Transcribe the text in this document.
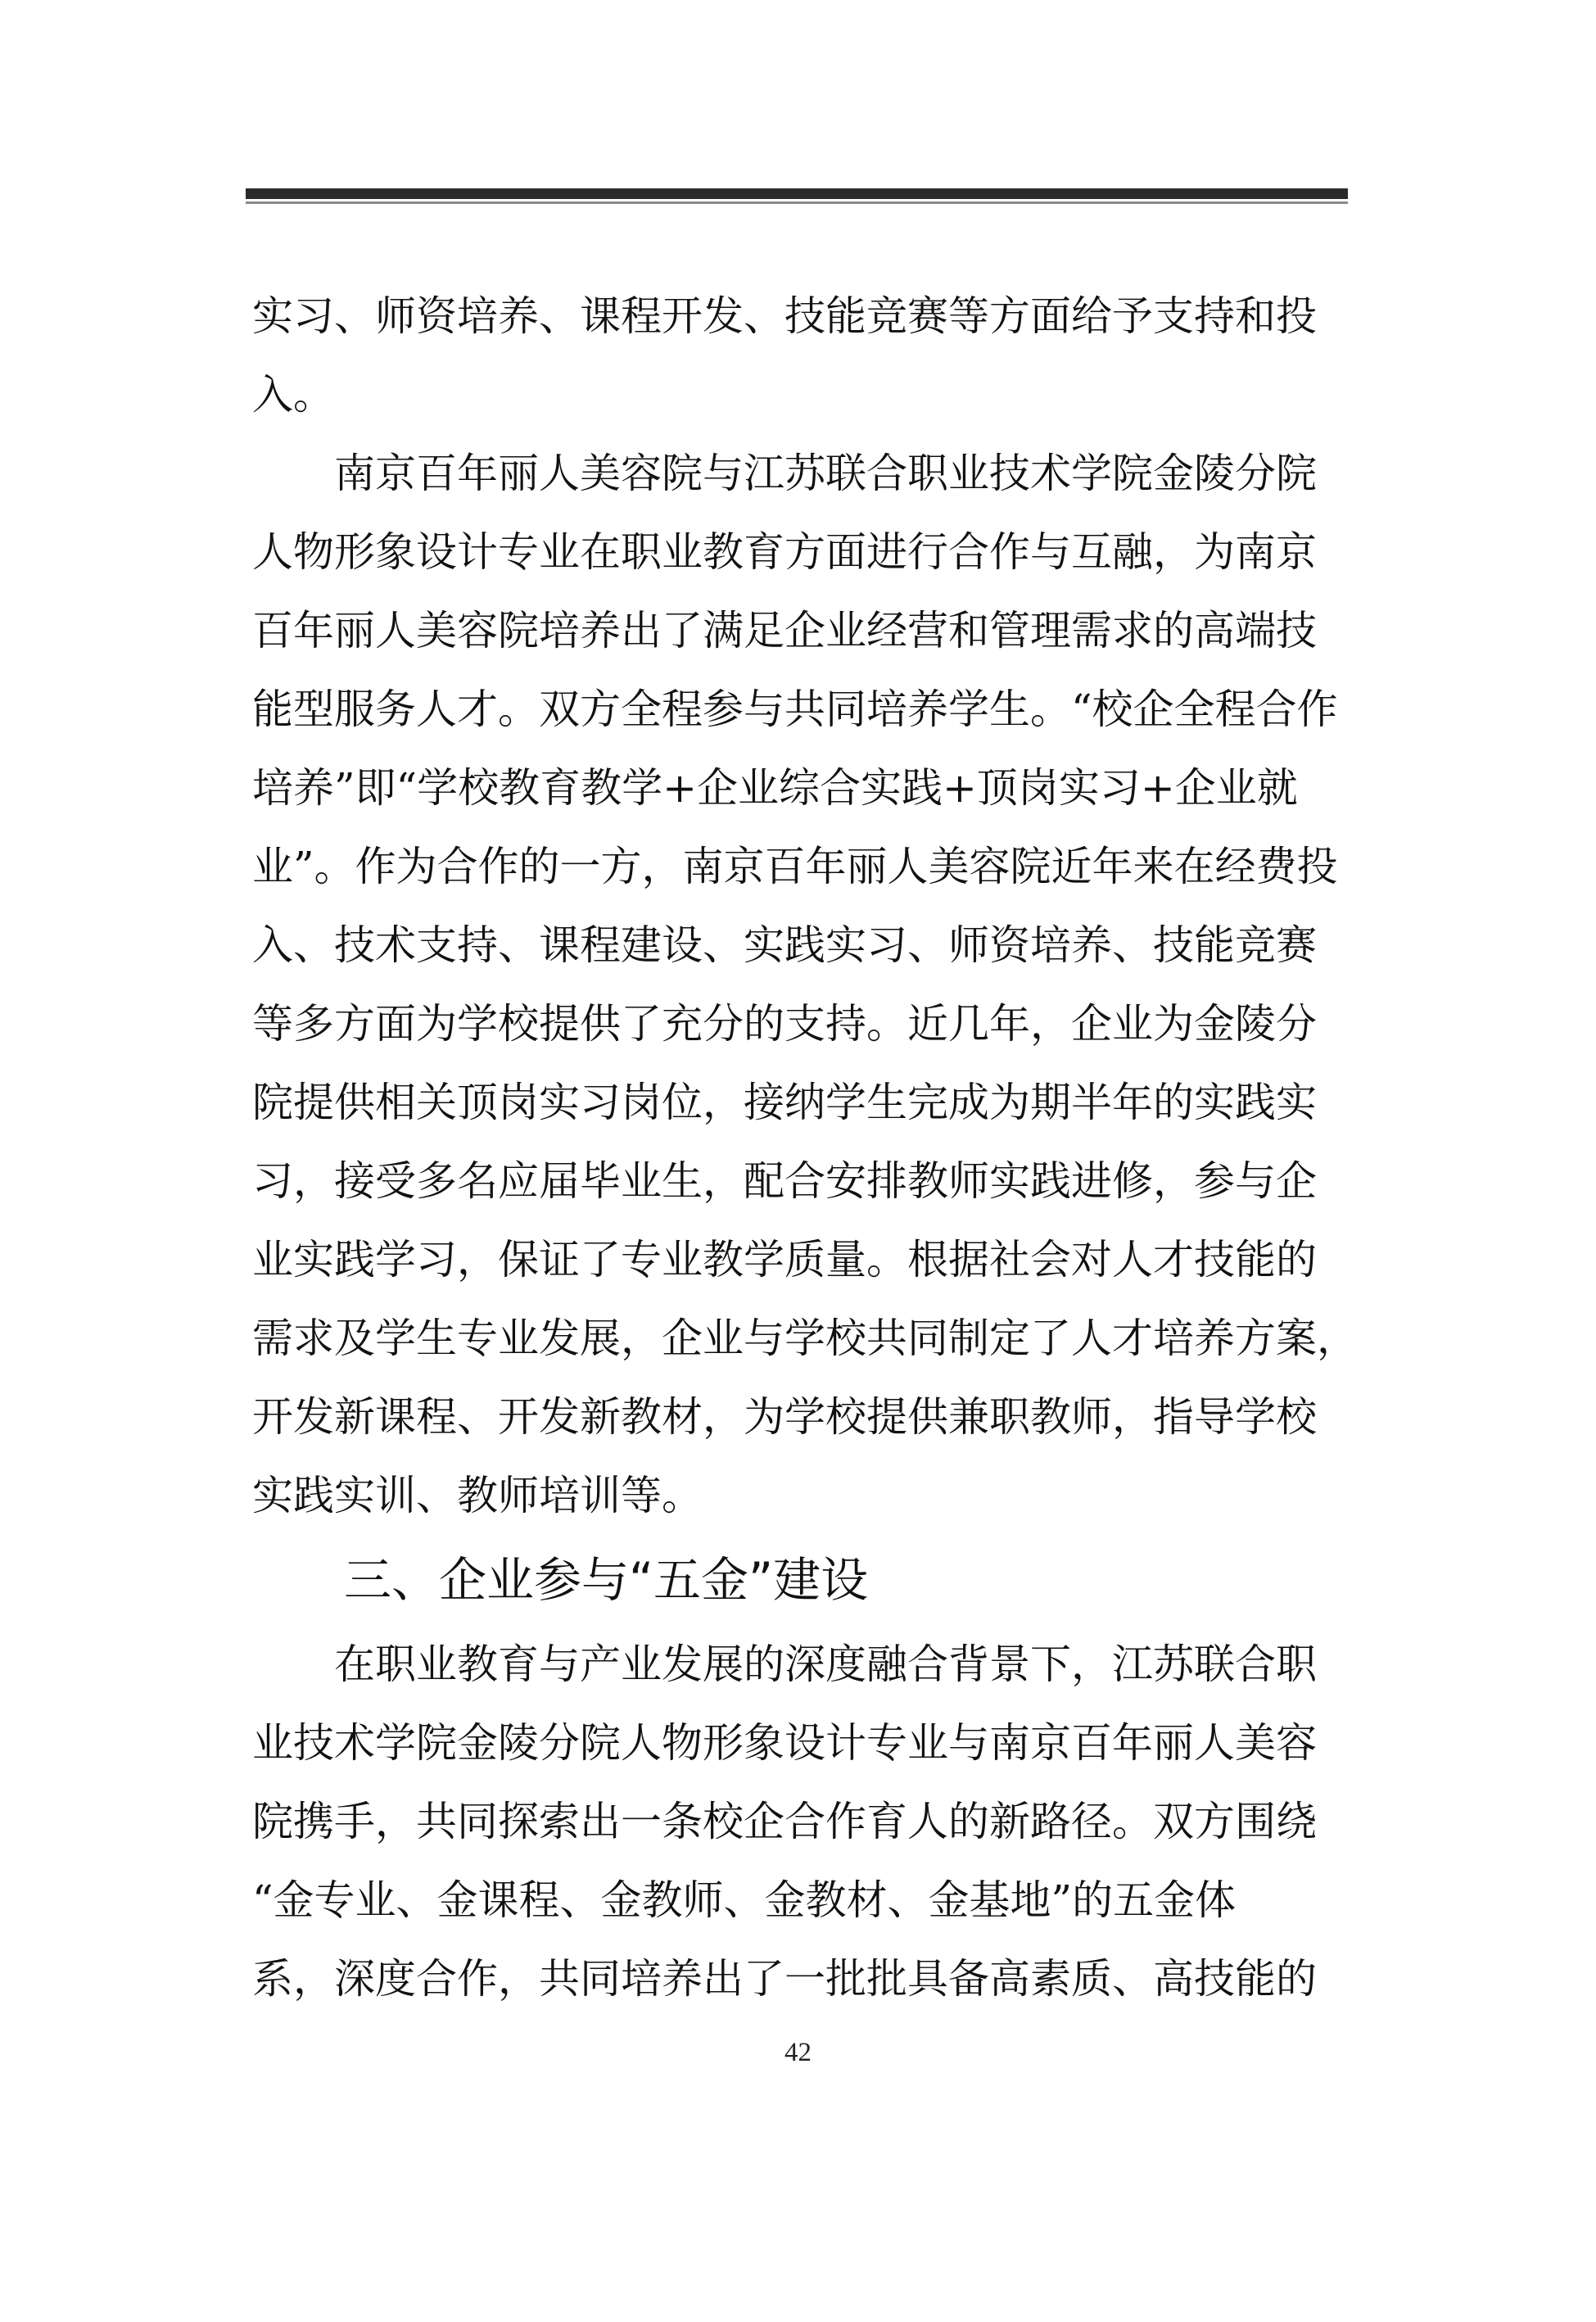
实习、师资培养、课程开发、技能竞赛等方面给予支持和投
入。

南京百年丽人美容院与江苏联合职业技术学院金陵分院
人物形象设计专业在职业教育方面进行合作与互融，为南京
百年丽人美容院培养出了满足企业经营和管理需求的高端技
能型服务人才。双方全程参与共同培养学生。“校企全程合作
培养”即“学校教育教学+企业综合实践+顶岗实习+企业就
业”。作为合作的一方，南京百年丽人美容院近年来在经费投
入、技术支持、课程建设、实践实习、师资培养、技能竞赛
等多方面为学校提供了充分的支持。近几年，企业为金陵分
院提供相关顶岗实习岗位，接纳学生完成为期半年的实践实
习，接受多名应届毕业生，配合安排教师实践进修，参与企
业实践学习，保证了专业教学质量。根据社会对人才技能的
需求及学生专业发展，企业与学校共同制定了人才培养方案，
开发新课程、开发新教材，为学校提供兼职教师，指导学校
实践实训、教师培训等。

三、企业参与“五金”建设

在职业教育与产业发展的深度融合背景下，江苏联合职
业技术学院金陵分院人物形象设计专业与南京百年丽人美容
院携手，共同探索出一条校企合作育人的新路径。双方围绕
“金专业、金课程、金教师、金教材、金基地”的五金体
系，深度合作，共同培养出了一批批具备高素质、高技能的

42
